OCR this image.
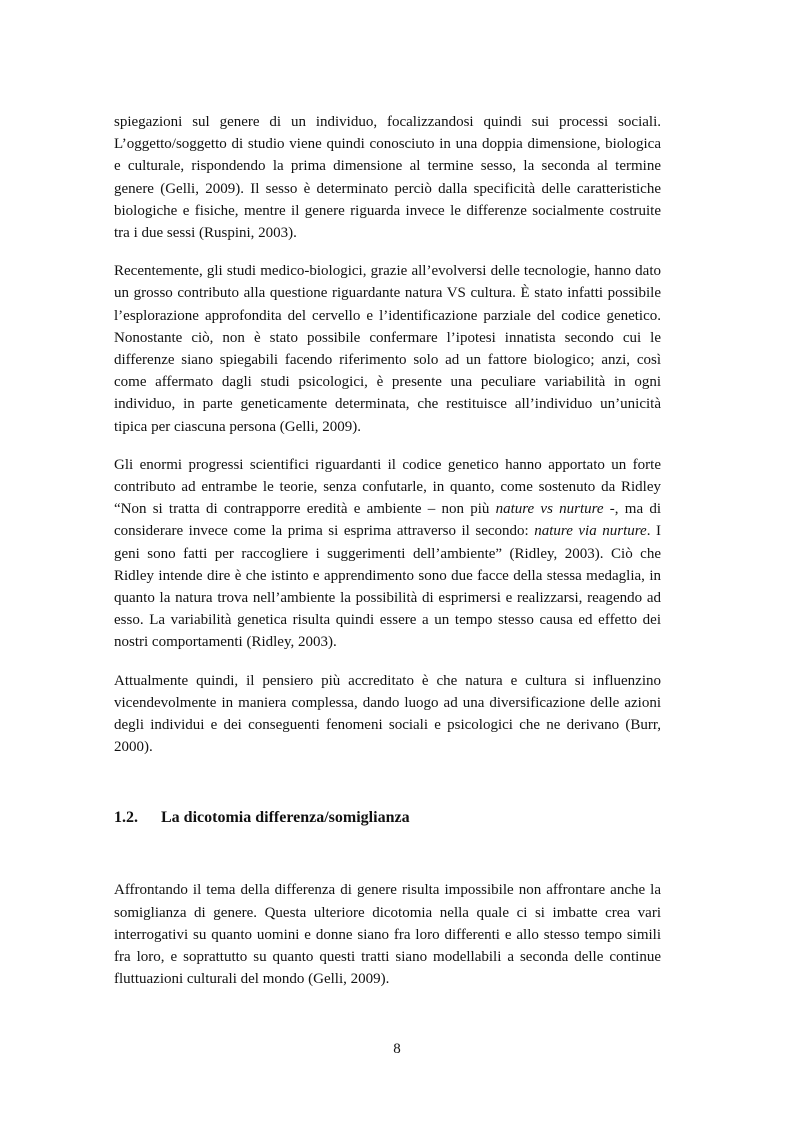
spiegazioni sul genere di un individuo, focalizzandosi quindi sui processi sociali. L’oggetto/soggetto di studio viene quindi conosciuto in una doppia dimensione, biologica e culturale, rispondendo la prima dimensione al termine sesso, la seconda al termine genere (Gelli, 2009). Il sesso è determinato perciò dalla specificità delle caratteristiche biologiche e fisiche, mentre il genere riguarda invece le differenze socialmente costruite tra i due sessi (Ruspini, 2003).

Recentemente, gli studi medico-biologici, grazie all’evolversi delle tecnologie, hanno dato un grosso contributo alla questione riguardante natura VS cultura. È stato infatti possibile l’esplorazione approfondita del cervello e l’identificazione parziale del codice genetico. Nonostante ciò, non è stato possibile confermare l’ipotesi innatista secondo cui le differenze siano spiegabili facendo riferimento solo ad un fattore biologico; anzi, così come affermato dagli studi psicologici, è presente una peculiare variabilità in ogni individuo, in parte geneticamente determinata, che restituisce all’individuo un’unicità tipica per ciascuna persona (Gelli, 2009).

Gli enormi progressi scientifici riguardanti il codice genetico hanno apportato un forte contributo ad entrambe le teorie, senza confutarle, in quanto, come sostenuto da Ridley “Non si tratta di contrapporre eredità e ambiente – non più nature vs nurture -, ma di considerare invece come la prima si esprima attraverso il secondo: nature via nurture. I geni sono fatti per raccogliere i suggerimenti dell’ambiente” (Ridley, 2003). Ciò che Ridley intende dire è che istinto e apprendimento sono due facce della stessa medaglia, in quanto la natura trova nell’ambiente la possibilità di esprimersi e realizzarsi, reagendo ad esso. La variabilità genetica risulta quindi essere a un tempo stesso causa ed effetto dei nostri comportamenti (Ridley, 2003).

Attualmente quindi, il pensiero più accreditato è che natura e cultura si influenzino vicendevolmente in maniera complessa, dando luogo ad una diversificazione delle azioni degli individui e dei conseguenti fenomeni sociali e psicologici che ne derivano (Burr, 2000).

1.2.	La dicotomia differenza/somiglianza

Affrontando il tema della differenza di genere risulta impossibile non affrontare anche la somiglianza di genere. Questa ulteriore dicotomia nella quale ci si imbatte crea vari interrogativi su quanto uomini e donne siano fra loro differenti e allo stesso tempo simili fra loro, e soprattutto su quanto questi tratti siano modellabili a seconda delle continue fluttuazioni culturali del mondo (Gelli, 2009).

8
